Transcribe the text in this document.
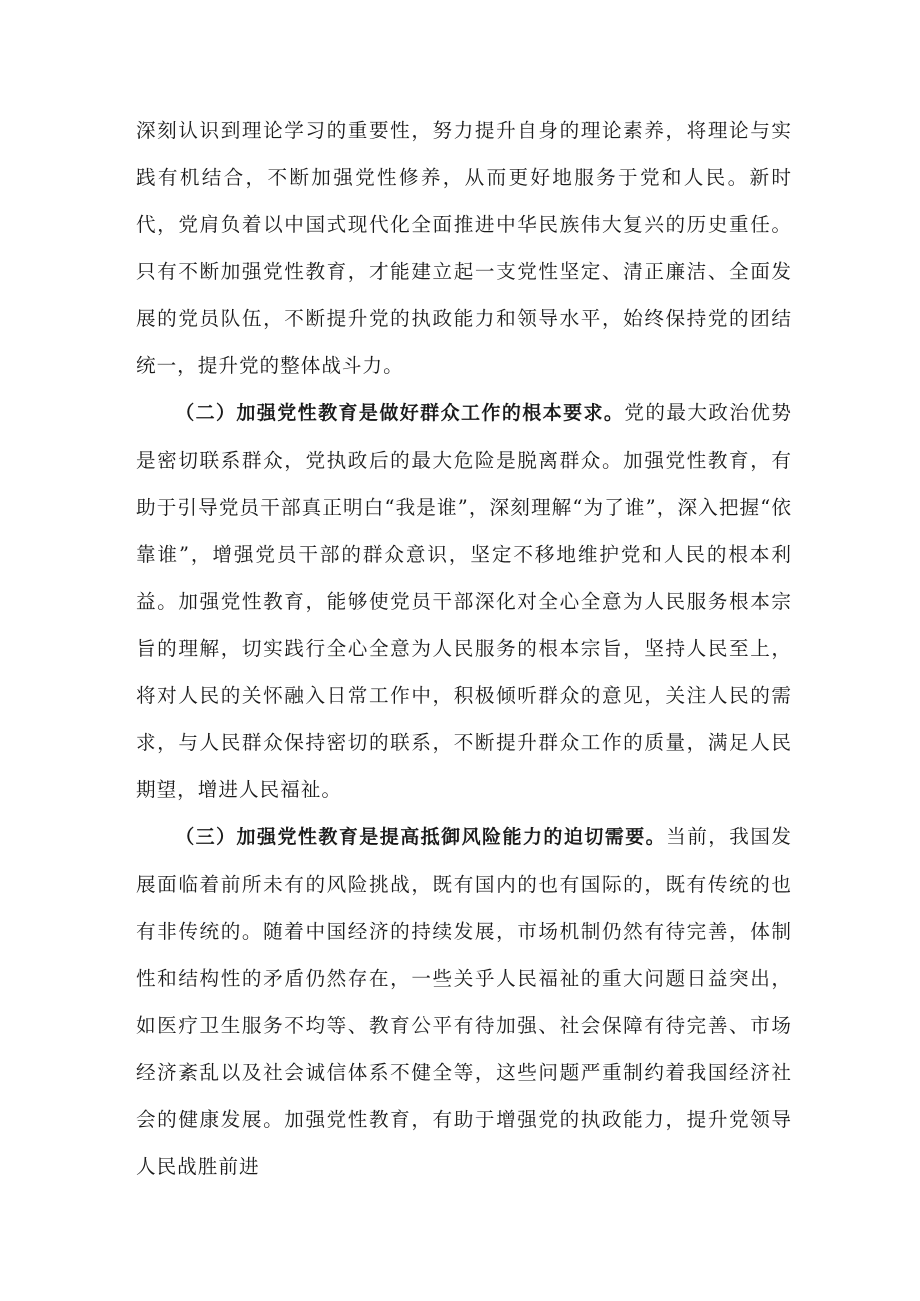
深刻认识到理论学习的重要性，努力提升自身的理论素养，将理论与实践有机结合，不断加强党性修养，从而更好地服务于党和人民。新时代，党肩负着以中国式现代化全面推进中华民族伟大复兴的历史重任。只有不断加强党性教育，才能建立起一支党性坚定、清正廉洁、全面发展的党员队伍，不断提升党的执政能力和领导水平，始终保持党的团结统一，提升党的整体战斗力。

（二）加强党性教育是做好群众工作的根本要求。党的最大政治优势是密切联系群众，党执政后的最大危险是脱离群众。加强党性教育，有助于引导党员干部真正明白“我是谁”，深刻理解“为了谁”，深入把握“依靠谁”，增强党员干部的群众意识，坚定不移地维护党和人民的根本利益。加强党性教育，能够使党员干部深化对全心全意为人民服务根本宗旨的理解，切实践行全心全意为人民服务的根本宗旨，坚持人民至上，将对人民的关怀融入日常工作中，积极倾听群众的意见，关注人民的需求，与人民群众保持密切的联系，不断提升群众工作的质量，满足人民期望，增进人民福祉。

（三）加强党性教育是提高抵御风险能力的迫切需要。当前，我国发展面临着前所未有的风险挑战，既有国内的也有国际的，既有传统的也有非传统的。随着中国经济的持续发展，市场机制仍然有待完善，体制性和结构性的矛盾仍然存在，一些关乎人民福祉的重大问题日益突出，如医疗卫生服务不均等、教育公平有待加强、社会保障有待完善、市场经济紊乱以及社会诚信体系不健全等，这些问题严重制约着我国经济社会的健康发展。加强党性教育，有助于增强党的执政能力，提升党领导人民战胜前进
